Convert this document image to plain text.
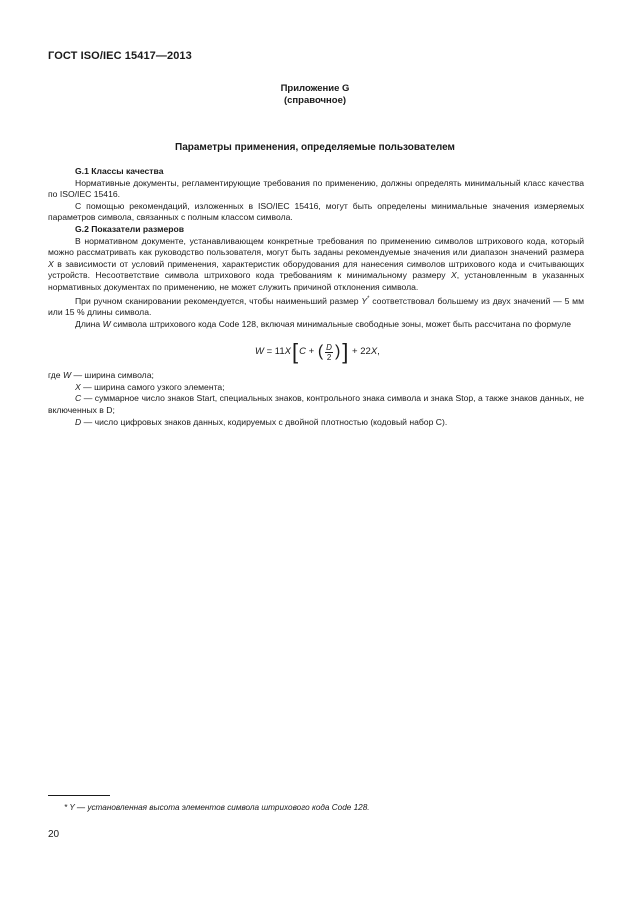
ГОСТ ISO/IEC 15417—2013
Приложение G
(справочное)
Параметры применения, определяемые пользователем

G.1 Классы качества

Нормативные документы, регламентирующие требования по применению, должны определять минимальный класс качества по ISO/IEC 15416.

С помощью рекомендаций, изложенных в ISO/IEC 15416, могут быть определены минимальные значения измеряемых параметров символа, связанных с полным классом символа.

G.2 Показатели размеров

В нормативном документе, устанавливающем конкретные требования по применению символов штрихового кода, который можно рассматривать как руководство пользователя, могут быть заданы рекомендуемые значения или диапазон значений размера X в зависимости от условий применения, характеристик оборудования для нанесения символов штрихового кода и считывающих устройств. Несоответствие символа штрихового кода требованиям к минимальному размеру X, установленным в указанных нормативных документах по применению, не может служить причиной отклонения символа.

При ручном сканировании рекомендуется, чтобы наименьший размер Y* соответствовал большему из двух значений — 5 мм или 15 % длины символа.

Длина W символа штрихового кода Code 128, включая минимальные свободные зоны, может быть рассчитана по формуле

W = 11 X [ C + ( $\frac{D}{2}$ ) ] + 22 X ,

где W — ширина символа;

X — ширина самого узкого элемента;

C — суммарное число знаков Start, специальных знаков, контрольного знака символа и знака Stop, а также знаков данных, не включенных в D;

D — число цифровых знаков данных, кодируемых с двойной плотностью (кодовый набор С).

* Y — установленная высота элементов символа штрихового кода Code 128.
20
